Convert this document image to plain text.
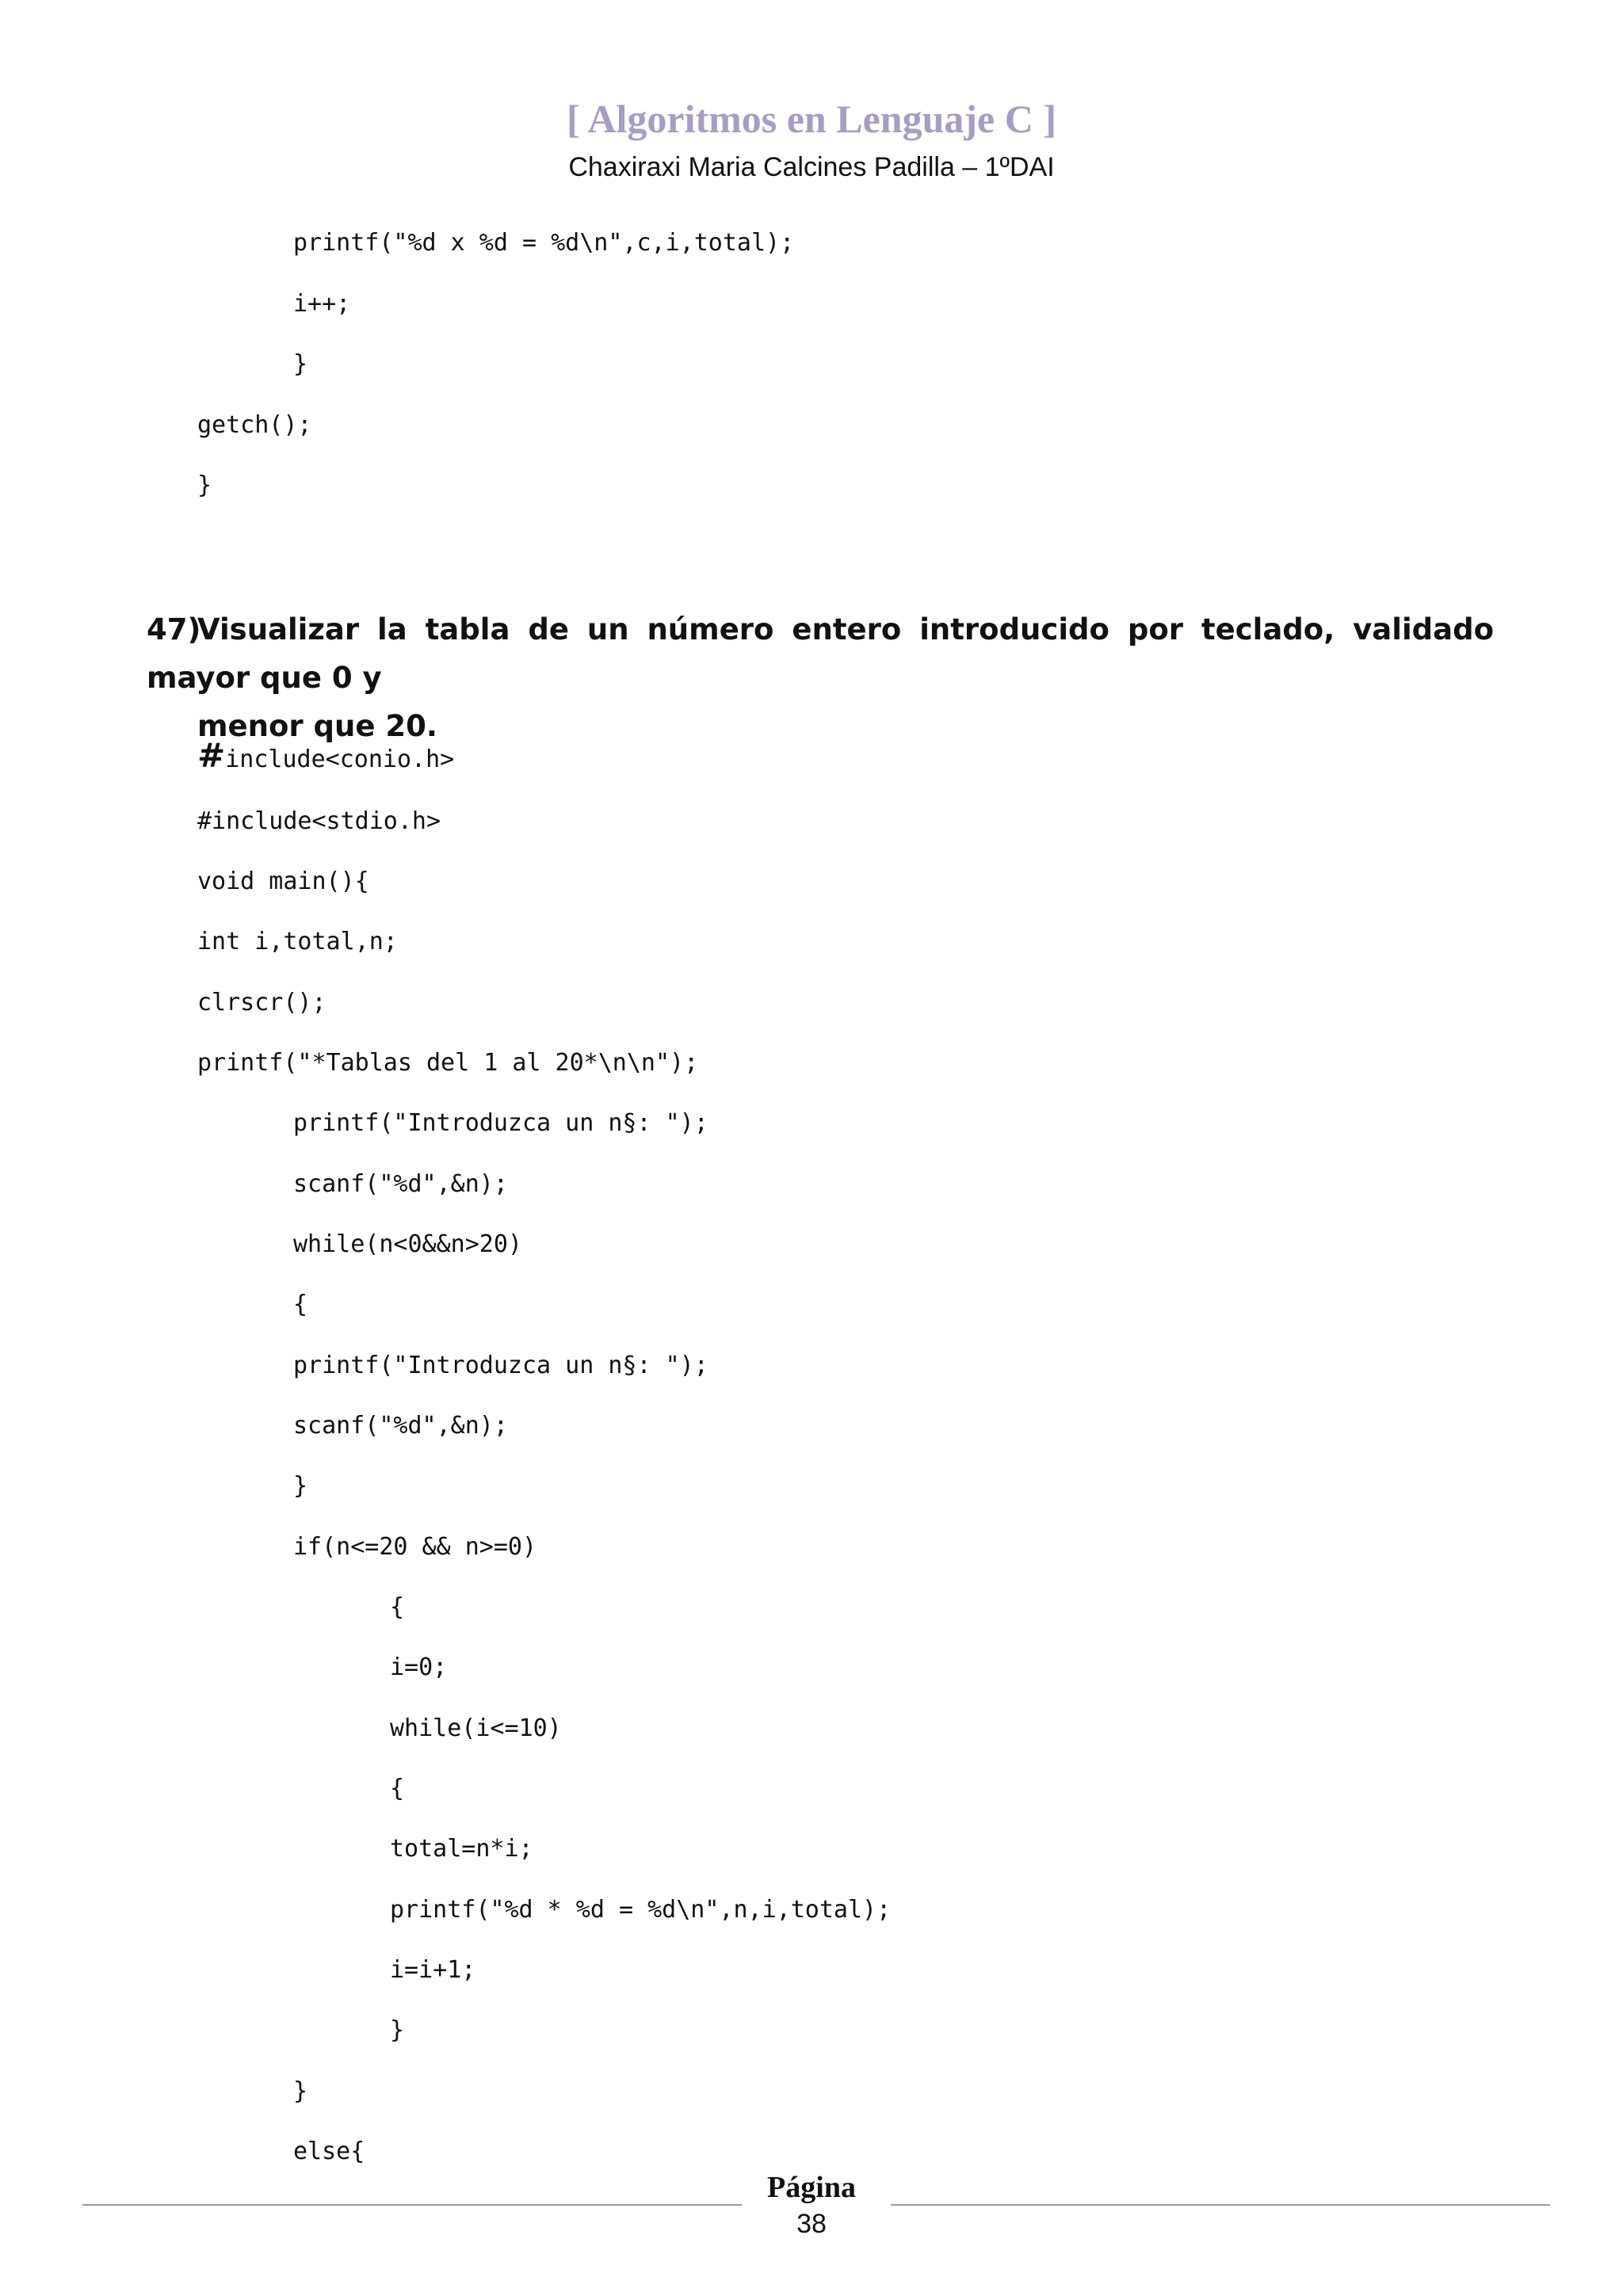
[ Algoritmos en Lenguaje C ]
Chaxiraxi Maria Calcines Padilla – 1ºDAI
printf("%d x %d = %d\n",c,i,total);
i++;
}
getch();
}
47)Visualizar la tabla de un número entero introducido por teclado, validado mayor que 0 y
menor que 20.
#include<conio.h>
#include<stdio.h>
void main(){
int i,total,n;
clrscr();
printf("*Tablas del 1 al 20*\n\n");
printf("Introduzca un n§: ");
scanf("%d",&n);
while(n<0&&n>20)
{
printf("Introduzca un n§: ");
scanf("%d",&n);
}
if(n<=20 && n>=0)
{
i=0;
while(i<=10)
{
total=n*i;
printf("%d * %d = %d\n",n,i,total);
i=i+1;
}
}
else{
Página
38
